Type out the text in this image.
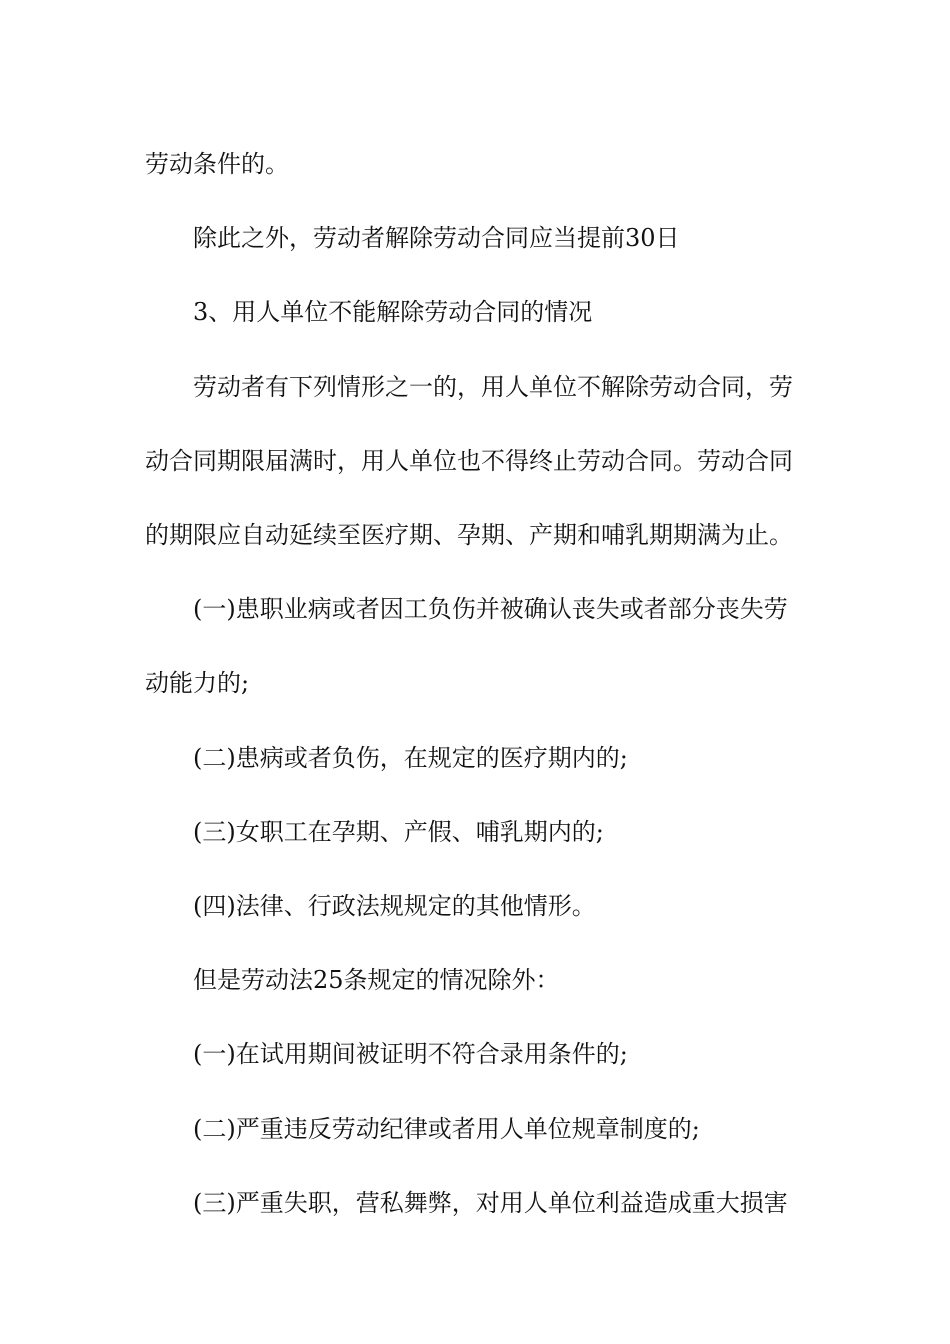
劳动条件的。

除此之外，劳动者解除劳动合同应当提前30日

3、用人单位不能解除劳动合同的情况

劳动者有下列情形之一的，用人单位不解除劳动合同，劳

动合同期限届满时，用人单位也不得终止劳动合同。劳动合同

的期限应自动延续至医疗期、孕期、产期和哺乳期期满为止。

(一)患职业病或者因工负伤并被确认丧失或者部分丧失劳

动能力的;

(二)患病或者负伤，在规定的医疗期内的;

(三)女职工在孕期、产假、哺乳期内的;

(四)法律、行政法规规定的其他情形。

但是劳动法25条规定的情况除外：

(一)在试用期间被证明不符合录用条件的;

(二)严重违反劳动纪律或者用人单位规章制度的;

(三)严重失职，营私舞弊，对用人单位利益造成重大损害
